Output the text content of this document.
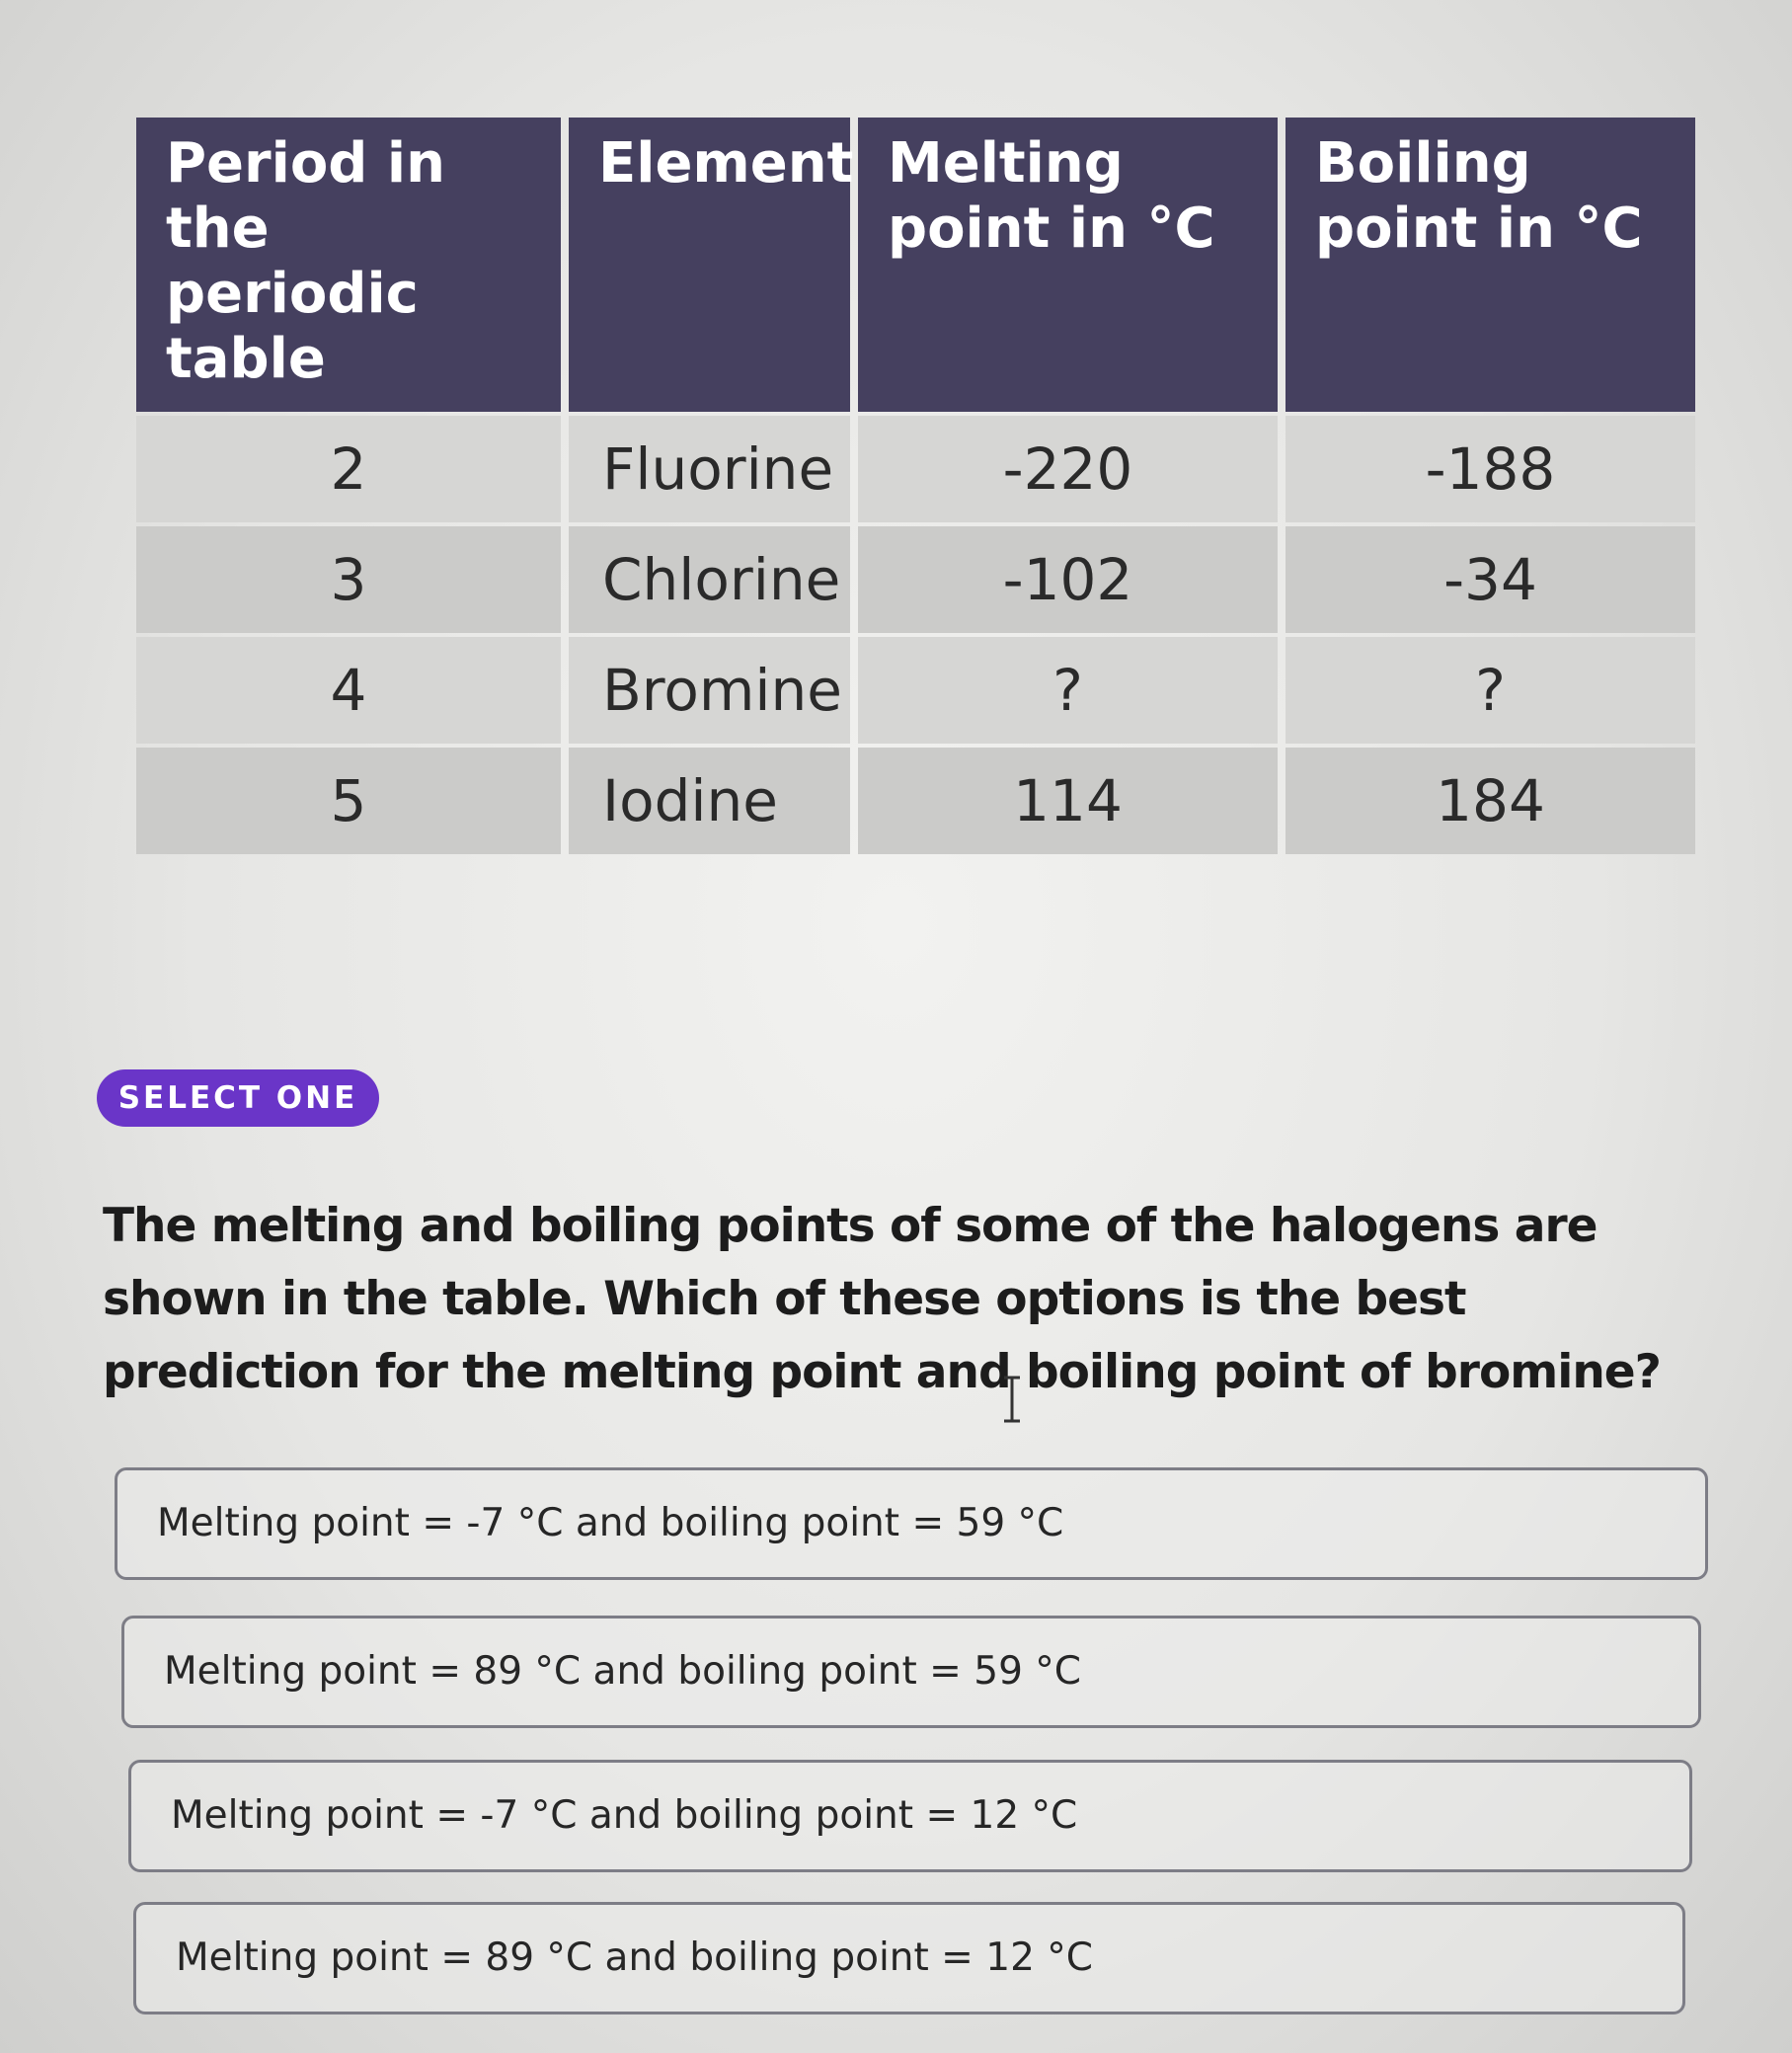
Period in the periodic table	Element	Melting point in °C	Boiling point in °C
2	Fluorine	-220	-188
3	Chlorine	-102	-34
4	Bromine	?	?
5	Iodine	114	184
SELECT ONE

The melting and boiling points of some of the halogens are shown in the table. Which of these options is the best prediction for the melting point and boiling point of bromine?

Melting point = -7 °C and boiling point = 59 °C
Melting point = 89 °C and boiling point = 59 °C
Melting point = -7 °C and boiling point = 12 °C
Melting point = 89 °C and boiling point = 12 °C
